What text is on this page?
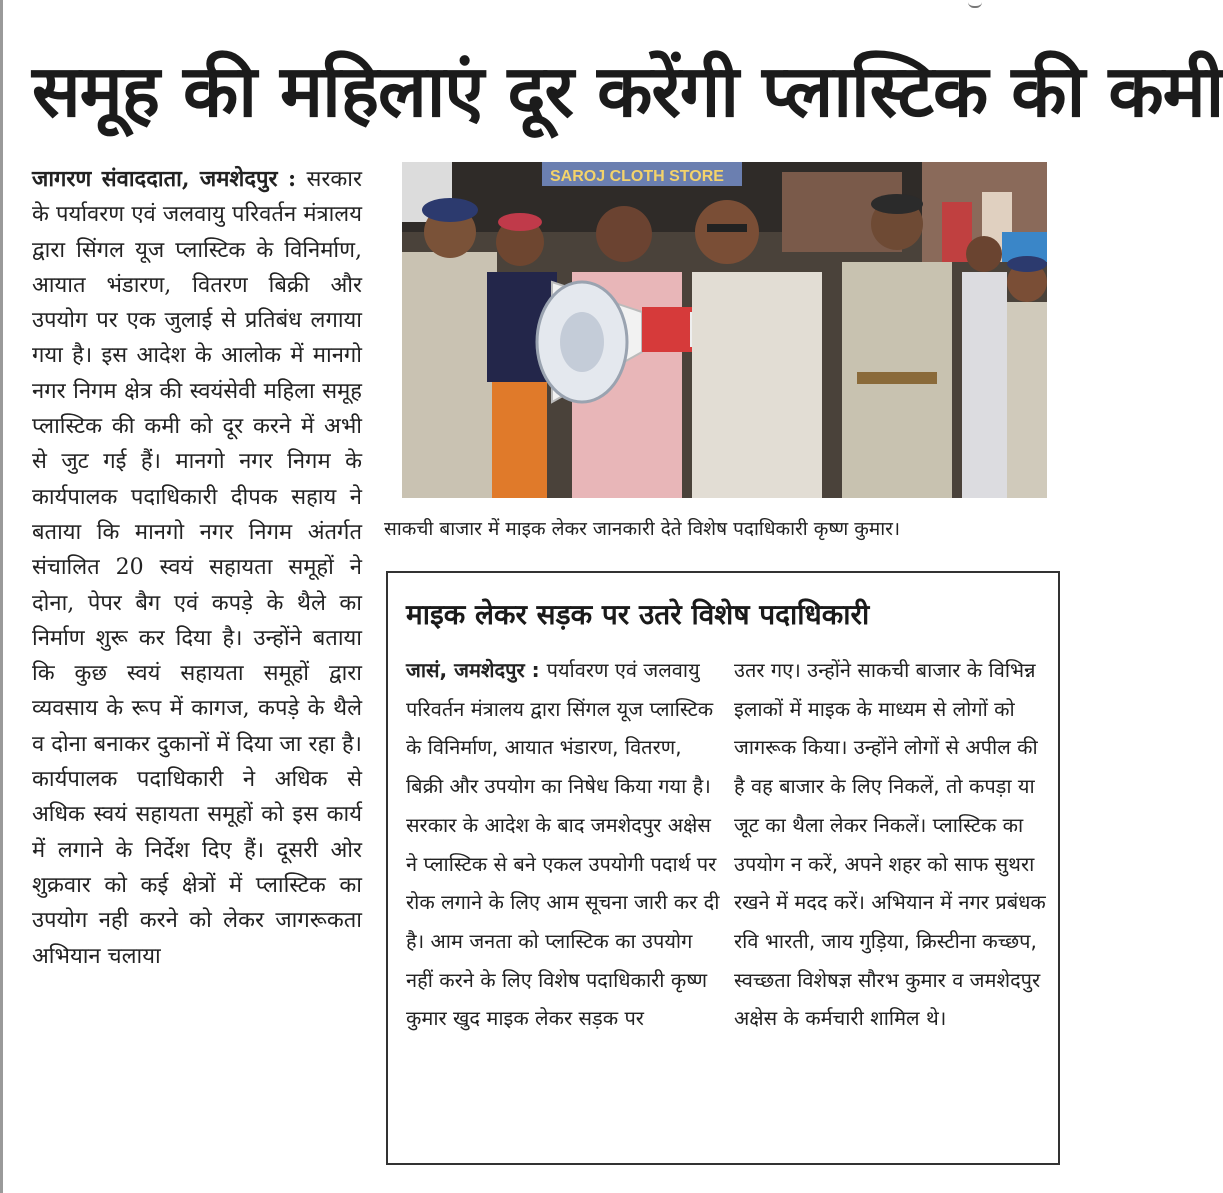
समूह की महिलाएं दूर करेंगी प्लास्टिक की कमी
जागरण संवाददाता, जमशेदपुर : सरकार के पर्यावरण एवं जलवायु परिवर्तन मंत्रालय द्वारा सिंगल यूज प्लास्टिक के विनिर्माण, आयात भंडारण, वितरण बिक्री और उपयोग पर एक जुलाई से प्रतिबंध लगाया गया है। इस आदेश के आलोक में मानगो नगर निगम क्षेत्र की स्वयंसेवी महिला समूह प्लास्टिक की कमी को दूर करने में अभी से जुट गई हैं। मानगो नगर निगम के कार्यपालक पदाधिकारी दीपक सहाय ने बताया कि मानगो नगर निगम अंतर्गत संचालित 20 स्वयं सहायता समूहों ने दोना, पेपर बैग एवं कपड़े के थैले का निर्माण शुरू कर दिया है। उन्होंने बताया कि कुछ स्वयं सहायता समूहों द्वारा व्यवसाय के रूप में कागज, कपड़े के थैले व दोना बनाकर दुकानों में दिया जा रहा है। कार्यपालक पदाधिकारी ने अधिक से अधिक स्वयं सहायता समूहों को इस कार्य में लगाने के निर्देश दिए हैं। दूसरी ओर शुक्रवार को कई क्षेत्रों में प्लास्टिक का उपयोग नही करने को लेकर जागरूकता अभियान चलाया
SAROJ CLOTH STORE
साकची बाजार में माइक लेकर जानकारी देते विशेष पदाधिकारी कृष्ण कुमार।
माइक लेकर सड़क पर उतरे विशेष पदाधिकारी
जासं, जमशेदपुर : पर्यावरण एवं जलवायु परिवर्तन मंत्रालय द्वारा सिंगल यूज प्लास्टिक के विनिर्माण, आयात भंडारण, वितरण, बिक्री और उपयोग का निषेध किया गया है। सरकार के आदेश के बाद जमशेदपुर अक्षेस ने प्लास्टिक से बने एकल उपयोगी पदार्थ पर रोक लगाने के लिए आम सूचना जारी कर दी है। आम जनता को प्लास्टिक का उपयोग नहीं करने के लिए विशेष पदाधिकारी कृष्ण कुमार खुद माइक लेकर सड़क पर
उतर गए। उन्होंने साकची बाजार के विभिन्न इलाकों में माइक के माध्यम से लोगों को जागरूक किया। उन्होंने लोगों से अपील की है वह बाजार के लिए निकलें, तो कपड़ा या जूट का थैला लेकर निकलें। प्लास्टिक का उपयोग न करें, अपने शहर को साफ सुथरा रखने में मदद करें। अभियान में नगर प्रबंधक रवि भारती, जाय गुड़िया, क्रिस्टीना कच्छप, स्वच्छता विशेषज्ञ सौरभ कुमार व जमशेदपुर अक्षेस के कर्मचारी शामिल थे।
